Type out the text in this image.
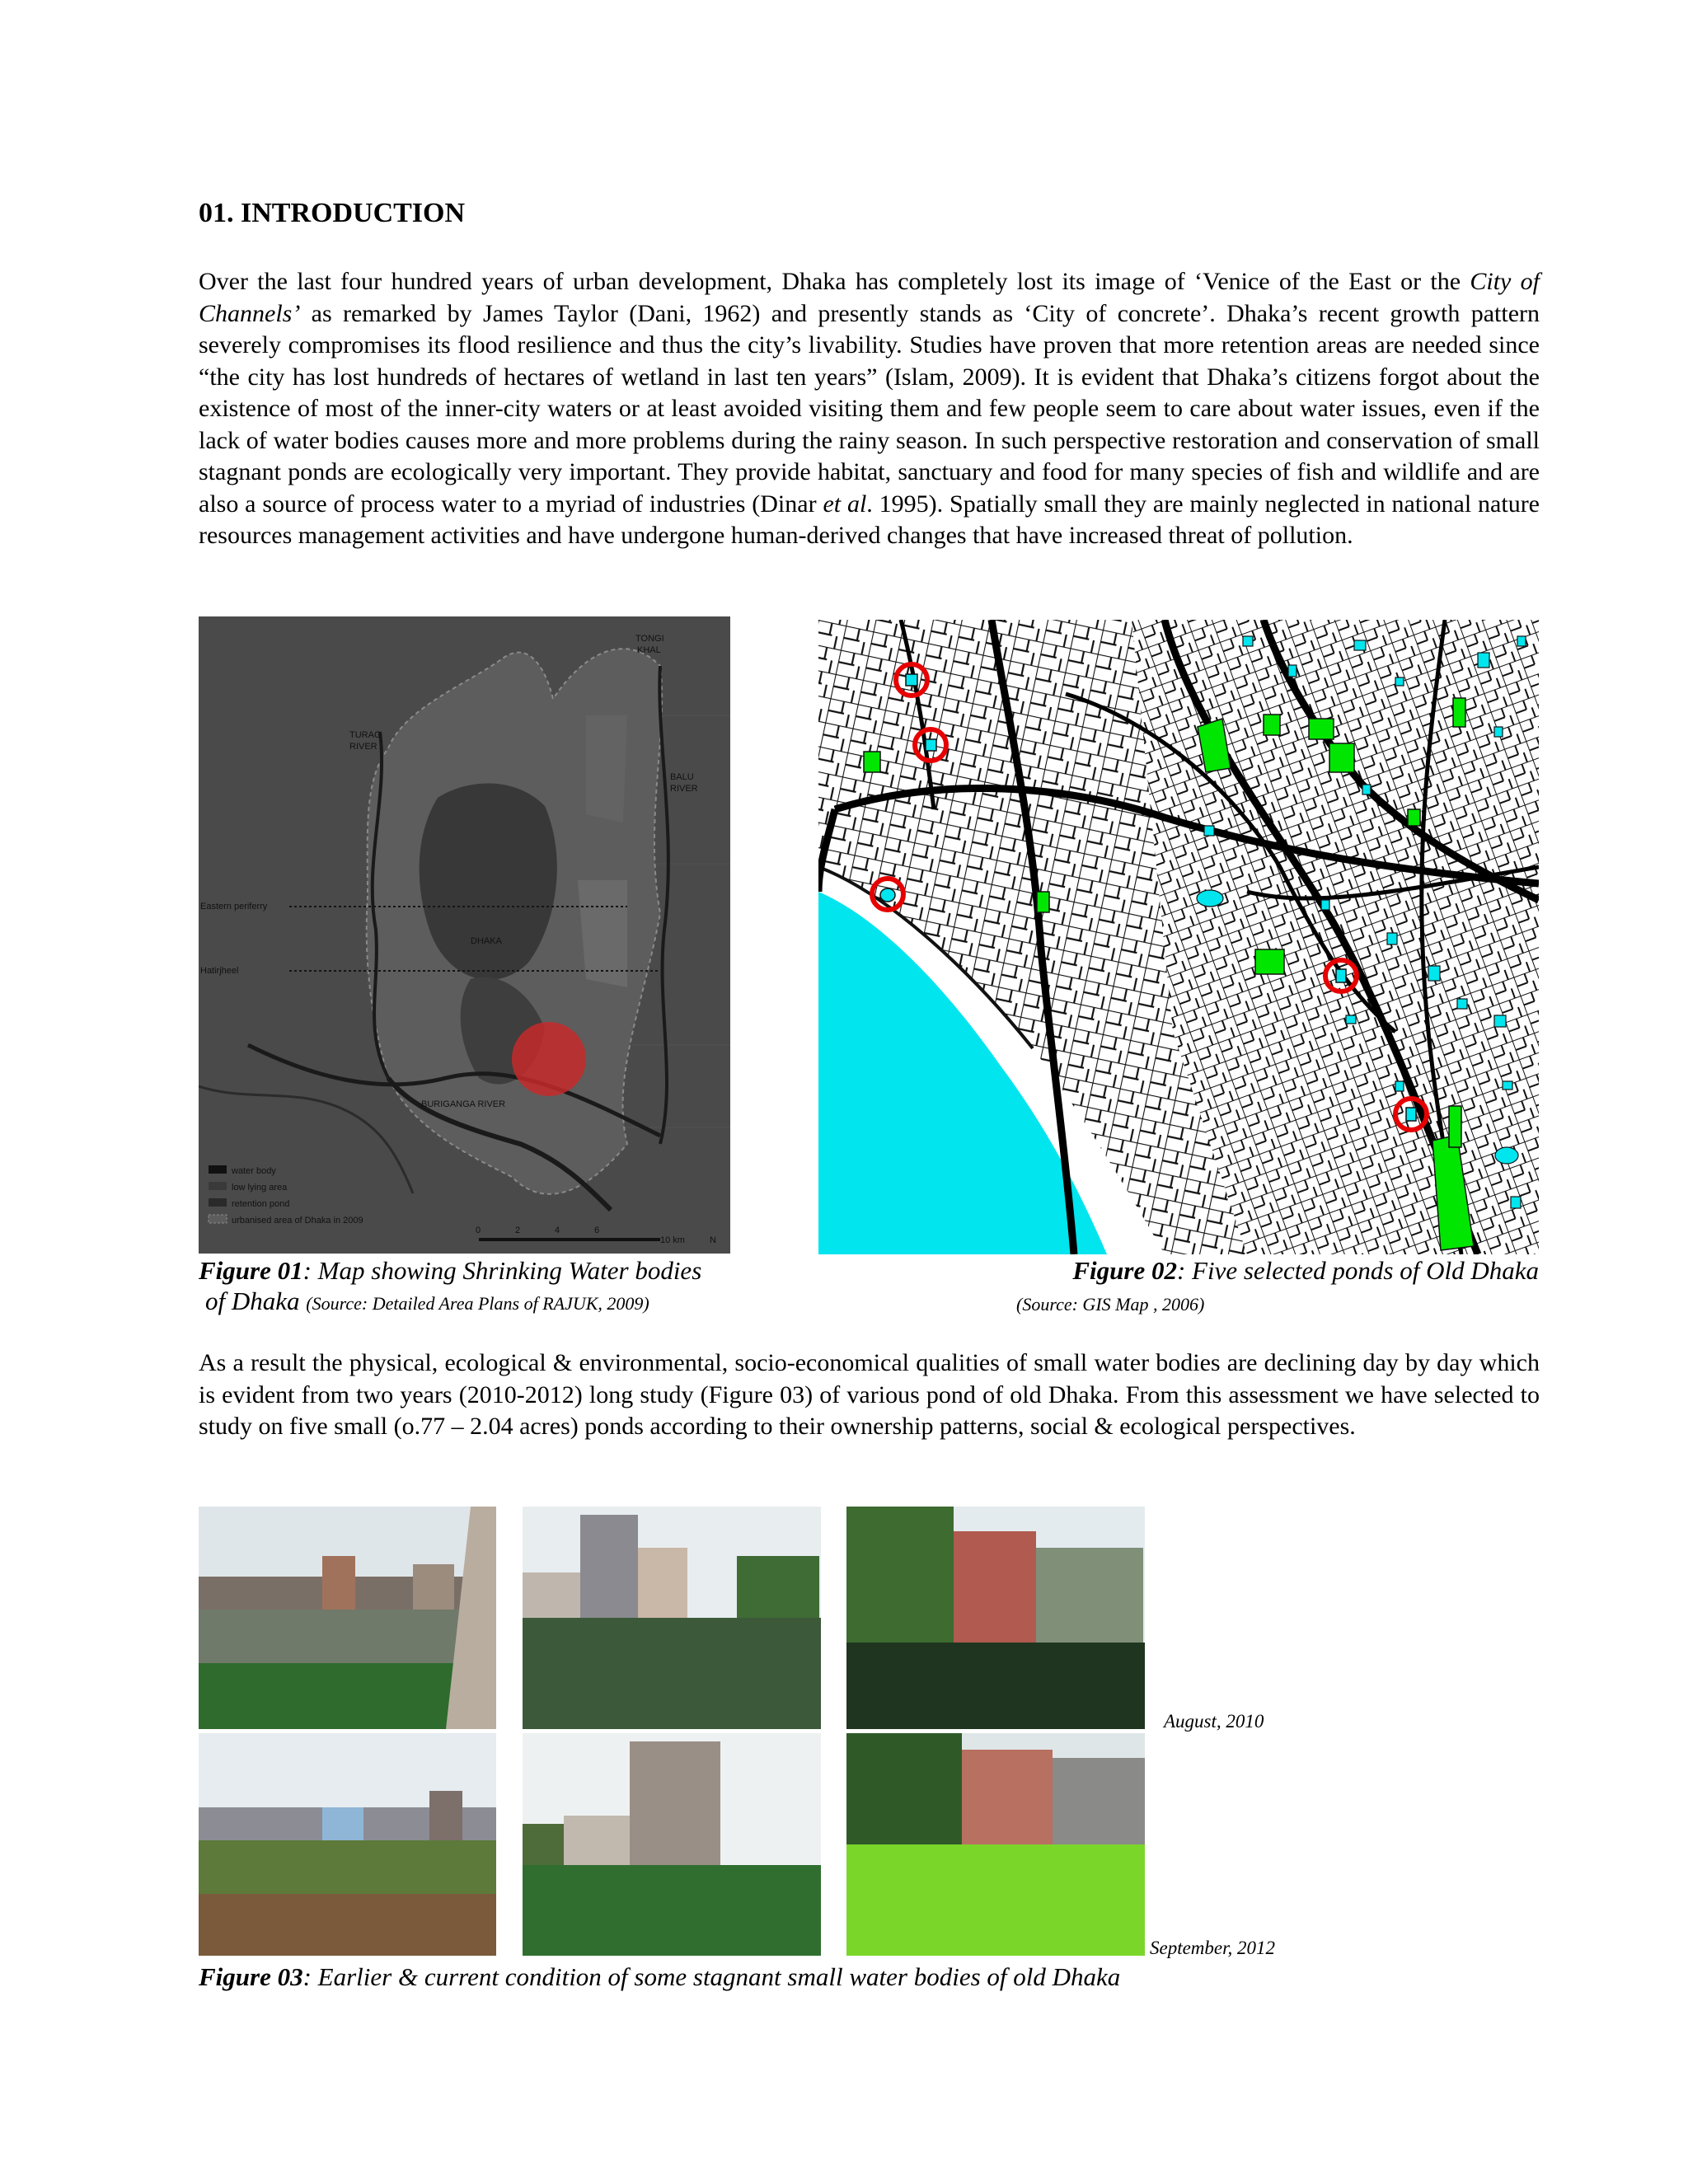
01. INTRODUCTION

Over the last four hundred years of urban development, Dhaka has completely lost its image of ‘Venice of the East or the City of Channels’ as remarked by James Taylor (Dani, 1962) and presently stands as ‘City of concrete’. Dhaka’s recent growth pattern severely compromises its flood resilience and thus the city’s livability. Studies have proven that more retention areas are needed since “the city has lost hundreds of hectares of wetland in last ten years” (Islam, 2009). It is evident that Dhaka’s citizens forgot about the existence of most of the inner-city waters or at least avoided visiting them and few people seem to care about water issues, even if the lack of water bodies causes more and more problems during the rainy season. In such perspective restoration and conservation of small stagnant ponds are ecologically very important. They provide habitat, sanctuary and food for many species of fish and wildlife and are also a source of process water to a myriad of industries (Dinar et al. 1995). Spatially small they are mainly neglected in national nature resources management activities and have undergone human-derived changes that have increased threat of pollution.

TONGI
KHAL
TURAG
RIVER
BALU
RIVER
Eastern periferry
Hatirjheel
DHAKA
BURIGANGA RIVER
water body
low lying area
retention pond
urbanised area of Dhaka in 2009
0	2	4	6
10 km	N
Figure 01: Map showing Shrinking Water bodies
of Dhaka (Source: Detailed Area Plans of RAJUK, 2009)
Figure 02: Five selected ponds of Old Dhaka
(Source: GIS Map , 2006)

As a result the physical, ecological & environmental, socio-economical qualities of small water bodies are declining day by day which is evident from two years (2010-2012) long study (Figure 03) of various pond of old Dhaka. From this assessment we have selected to study on five small (o.77 – 2.04 acres) ponds according to their ownership patterns, social & ecological perspectives.

August, 2010
September, 2012
Figure 03: Earlier & current condition of some stagnant small water bodies of old Dhaka
